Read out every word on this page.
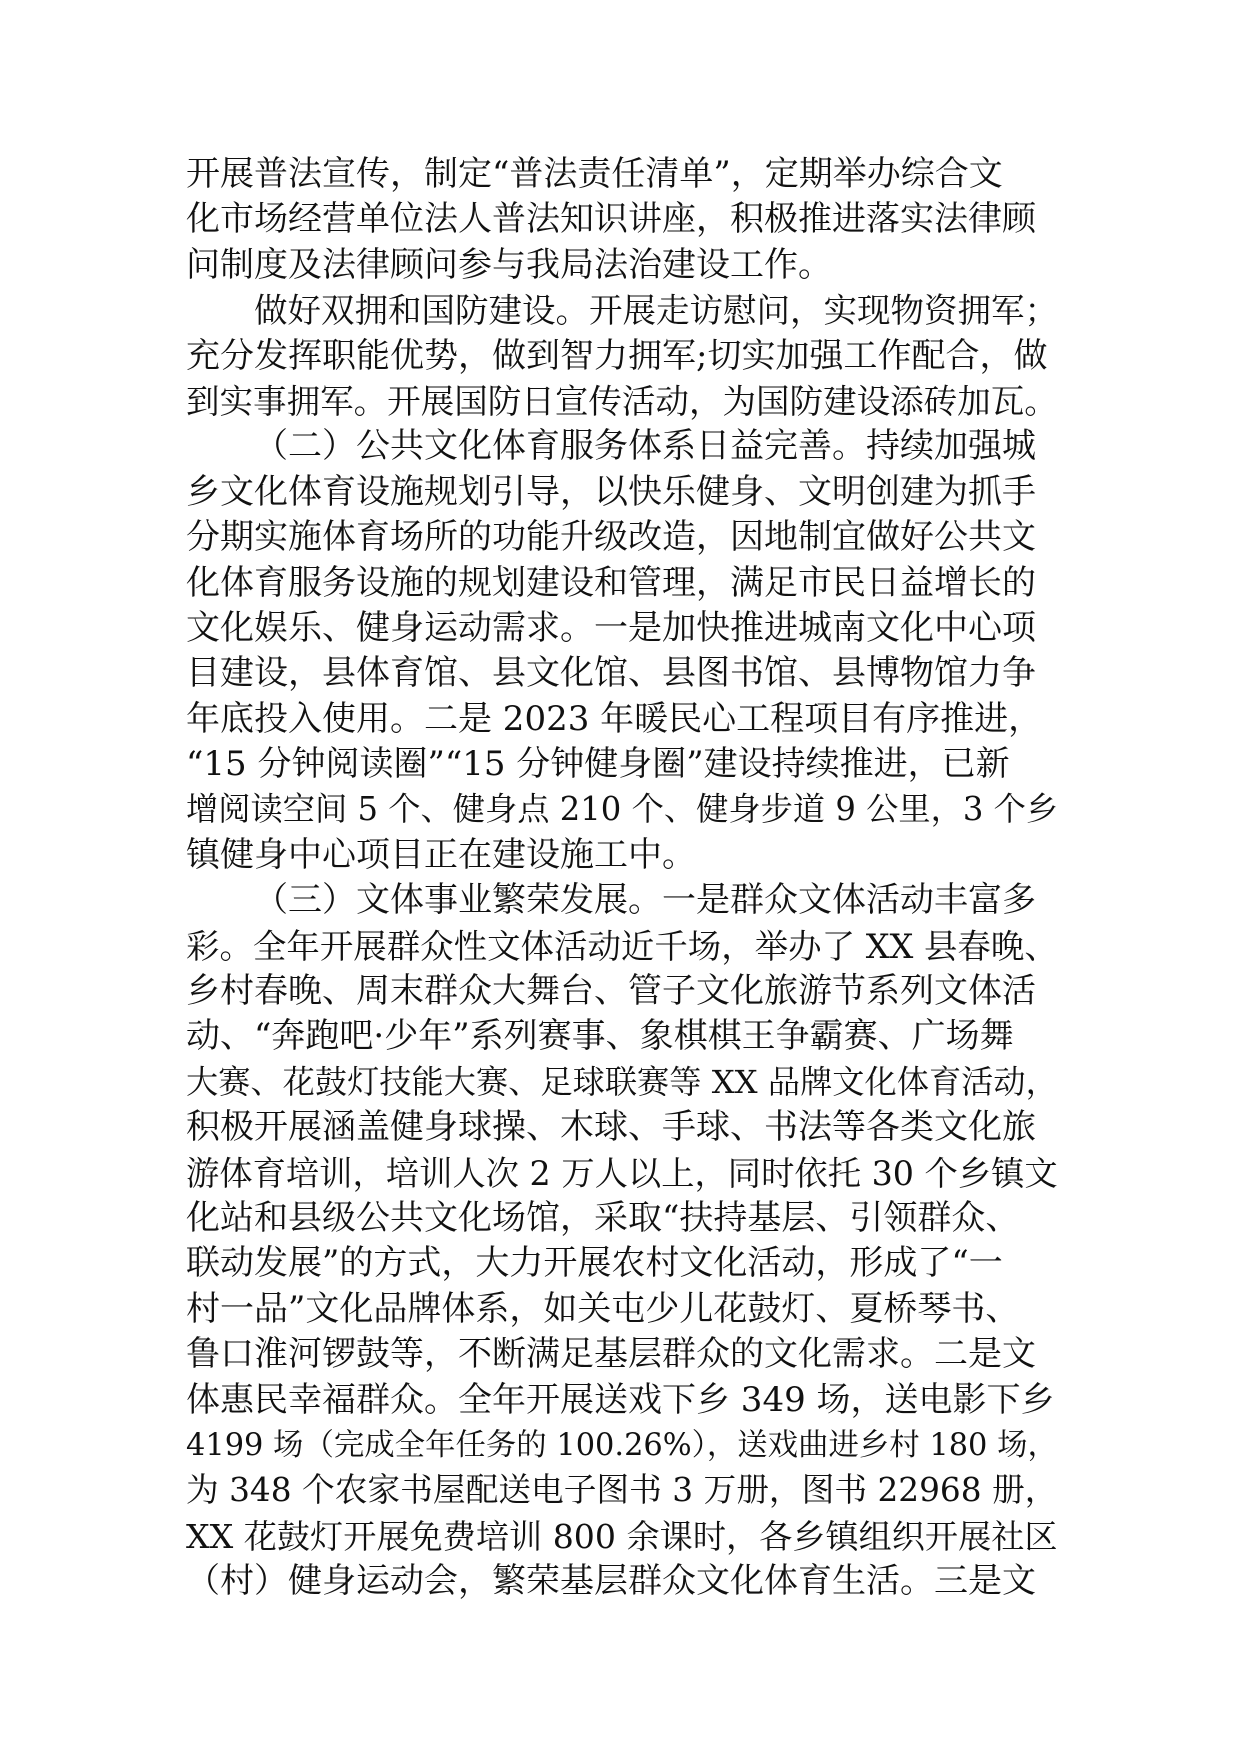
开展普法宣传，制定“普法责任清单”，定期举办综合文
化市场经营单位法人普法知识讲座，积极推进落实法律顾
问制度及法律顾问参与我局法治建设工作。
做好双拥和国防建设。开展走访慰问，实现物资拥军；
充分发挥职能优势，做到智力拥军;切实加强工作配合，做
到实事拥军。开展国防日宣传活动，为国防建设添砖加瓦。
（二）公共文化体育服务体系日益完善。持续加强城
乡文化体育设施规划引导，以快乐健身、文明创建为抓手
分期实施体育场所的功能升级改造，因地制宜做好公共文
化体育服务设施的规划建设和管理，满足市民日益增长的
文化娱乐、健身运动需求。一是加快推进城南文化中心项
目建设，县体育馆、县文化馆、县图书馆、县博物馆力争
年底投入使用。二是 2023 年暖民心工程项目有序推进，
“15 分钟阅读圈”“15 分钟健身圈”建设持续推进，已新
增阅读空间 5 个、健身点 210 个、健身步道 9 公里，3 个乡
镇健身中心项目正在建设施工中。
（三）文体事业繁荣发展。一是群众文体活动丰富多
彩。全年开展群众性文体活动近千场，举办了 XX 县春晚、
乡村春晚、周末群众大舞台、管子文化旅游节系列文体活
动、“奔跑吧·少年”系列赛事、象棋棋王争霸赛、广场舞
大赛、花鼓灯技能大赛、足球联赛等 XX 品牌文化体育活动，
积极开展涵盖健身球操、木球、手球、书法等各类文化旅
游体育培训，培训人次 2 万人以上，同时依托 30 个乡镇文
化站和县级公共文化场馆，采取“扶持基层、引领群众、
联动发展”的方式，大力开展农村文化活动，形成了“一
村一品”文化品牌体系，如关屯少儿花鼓灯、夏桥琴书、
鲁口淮河锣鼓等，不断满足基层群众的文化需求。二是文
体惠民幸福群众。全年开展送戏下乡 349 场，送电影下乡
4199 场（完成全年任务的 100.26%），送戏曲进乡村 180 场，
为 348 个农家书屋配送电子图书 3 万册，图书 22968 册，
XX 花鼓灯开展免费培训 800 余课时，各乡镇组织开展社区
（村）健身运动会，繁荣基层群众文化体育生活。三是文
